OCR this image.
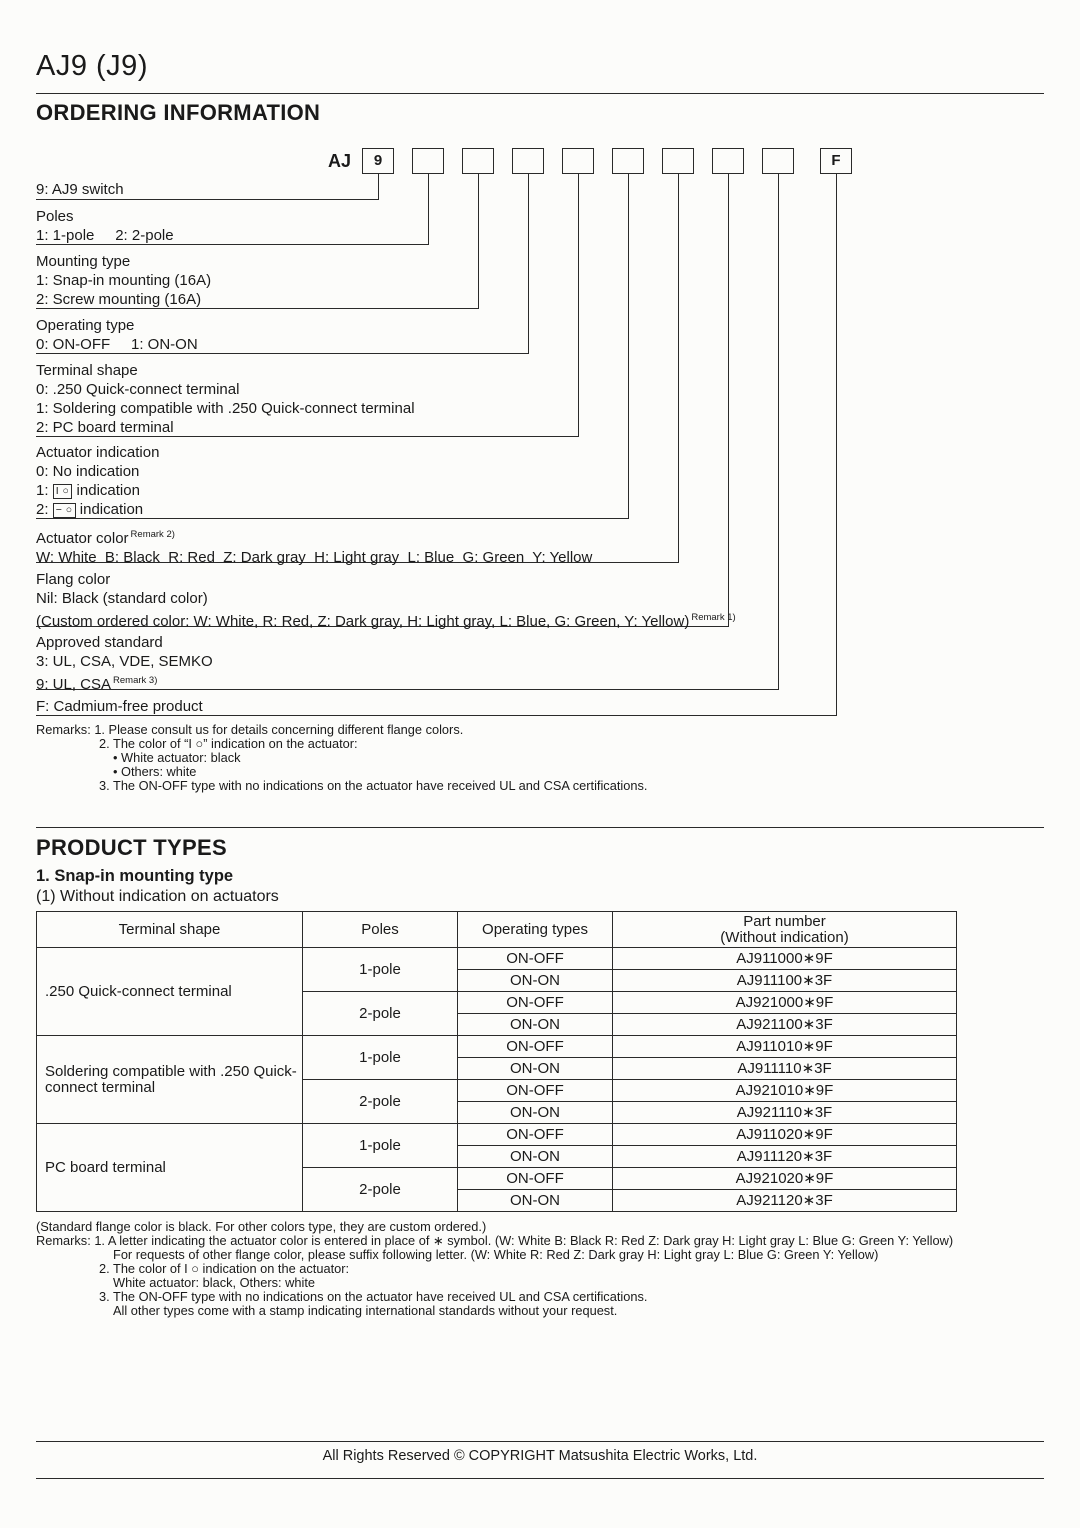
AJ9 (J9)
ORDERING INFORMATION
AJ	9	F
9: AJ9 switch
Poles
1: 1-pole     2: 2-pole
Mounting type
1: Snap-in mounting (16A)
2: Screw mounting (16A)
Operating type
0: ON-OFF     1: ON-ON
Terminal shape
0: .250 Quick-connect terminal
1: Soldering compatible with .250 Quick-connect terminal
2: PC board terminal
Actuator indication
0: No indication
1: I ○ indication
2: − ○ indication
Actuator color $^{Remark 2)}$
W: White  B: Black  R: Red  Z: Dark gray  H: Light gray  L: Blue  G: Green  Y: Yellow
Flang color
Nil: Black (standard color)
(Custom ordered color: W: White, R: Red, Z: Dark gray, H: Light gray, L: Blue, G: Green, Y: Yellow) $^{Remark 1)}$
Approved standard
3: UL, CSA, VDE, SEMKO
9: UL, CSA $^{Remark 3)}$
F: Cadmium-free product
Remarks: 1. Please consult us for details concerning different flange colors.
2. The color of “I ○” indication on the actuator:
• White actuator: black
• Others: white
3. The ON-OFF type with no indications on the actuator have received UL and CSA certifications.
PRODUCT TYPES
1. Snap-in mounting type
(1) Without indication on actuators
Terminal shape	Poles	Operating types	Part number
(Without indication)

.250 Quick-connect terminal	1-pole	ON-OFF	AJ911000∗9F
		ON-ON	AJ911100∗3F
	2-pole	ON-OFF	AJ921000∗9F
		ON-ON	AJ921100∗3F
Soldering compatible with .250 Quick-connect terminal	1-pole	ON-OFF	AJ911010∗9F
		ON-ON	AJ911110∗3F
	2-pole	ON-OFF	AJ921010∗9F
		ON-ON	AJ921110∗3F
PC board terminal	1-pole	ON-OFF	AJ911020∗9F
		ON-ON	AJ911120∗3F
	2-pole	ON-OFF	AJ921020∗9F
		ON-ON	AJ921120∗3F
(Standard flange color is black. For other colors type, they are custom ordered.)
Remarks: 1. A letter indicating the actuator color is entered in place of ∗ symbol. (W: White B: Black R: Red Z: Dark gray H: Light gray L: Blue G: Green Y: Yellow)
For requests of other flange color, please suffix following letter. (W: White R: Red Z: Dark gray H: Light gray L: Blue G: Green Y: Yellow)
2. The color of I ○ indication on the actuator:
White actuator: black, Others: white
3. The ON-OFF type with no indications on the actuator have received UL and CSA certifications.
All other types come with a stamp indicating international standards without your request.
All Rights Reserved © COPYRIGHT Matsushita Electric Works, Ltd.
